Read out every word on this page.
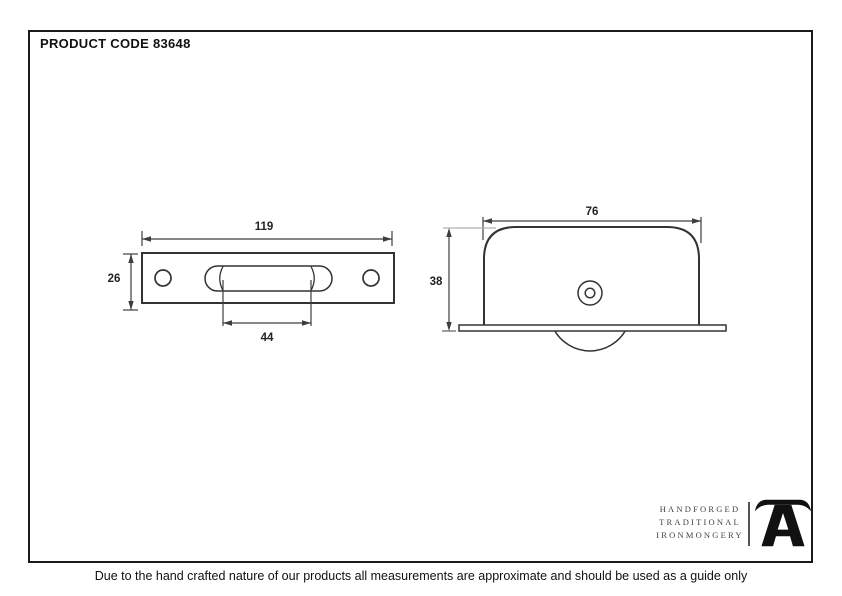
PRODUCT CODE 83648
119
26
44
76
38
HANDFORGED
TRADITIONAL
IRONMONGERY
Due to the hand crafted nature of our products all measurements are approximate and should be used as a guide only
